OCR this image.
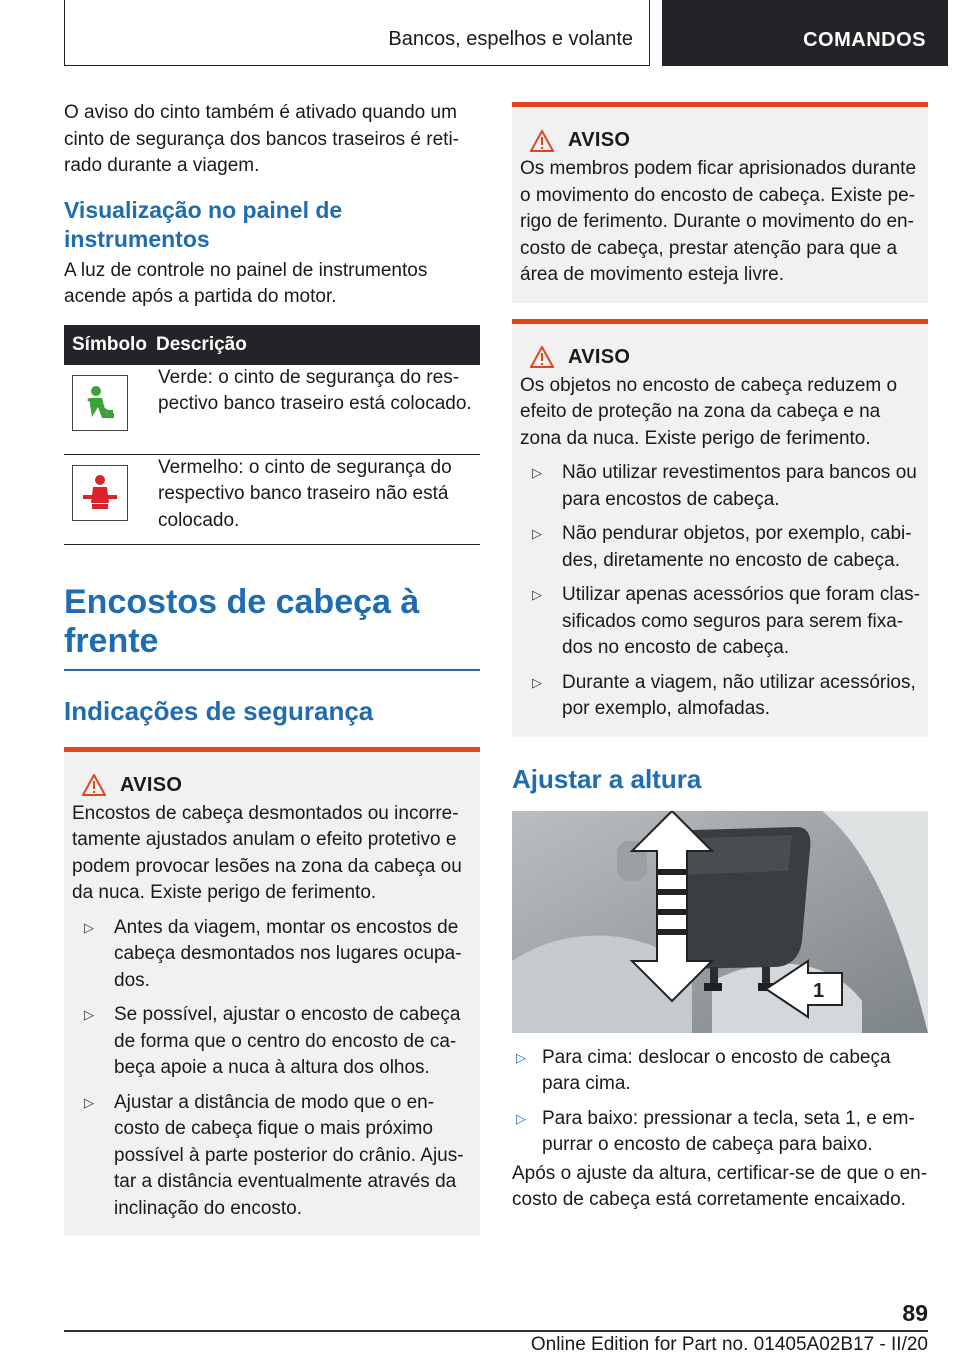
Bancos, espelhos e volante	COMANDOS

O aviso do cinto também é ativado quando um cinto de segurança dos bancos traseiros é retirado durante a viagem.

Visualização no painel de instrumentos

A luz de controle no painel de instrumentos acende após a partida do motor.

Símbolo Descrição
Verde: o cinto de segurança do respectivo banco traseiro está colocado.
Vermelho: o cinto de segurança do respectivo banco traseiro não está colocado.
Encostos de cabeça à frente
Indicações de segurança
AVISO

Encostos de cabeça desmontados ou incorretamente ajustados anulam o efeito protetivo e podem provocar lesões na zona da cabeça ou da nuca. Existe perigo de ferimento.

▷ Antes da viagem, montar os encostos de cabeça desmontados nos lugares ocupados.
▷ Se possível, ajustar o encosto de cabeça de forma que o centro do encosto de cabeça apoie a nuca à altura dos olhos.
▷ Ajustar a distância de modo que o encosto de cabeça fique o mais próximo possível à parte posterior do crânio. Ajustar a distância eventualmente através da inclinação do encosto.
AVISO

Os membros podem ficar aprisionados durante o movimento do encosto de cabeça. Existe perigo de ferimento. Durante o movimento do encosto de cabeça, prestar atenção para que a área de movimento esteja livre.

AVISO

Os objetos no encosto de cabeça reduzem o efeito de proteção na zona da cabeça e na zona da nuca. Existe perigo de ferimento.

▷ Não utilizar revestimentos para bancos ou para encostos de cabeça.
▷ Não pendurar objetos, por exemplo, cabides, diretamente no encosto de cabeça.
▷ Utilizar apenas acessórios que foram classificados como seguros para serem fixados no encosto de cabeça.
▷ Durante a viagem, não utilizar acessórios, por exemplo, almofadas.
Ajustar a altura
1
▷ Para cima: deslocar o encosto de cabeça para cima.
▷ Para baixo: pressionar a tecla, seta 1, e empurrar o encosto de cabeça para baixo.

Após o ajuste da altura, certificar-se de que o encosto de cabeça está corretamente encaixado.

89
Online Edition for Part no. 01405A02B17 - II/20
